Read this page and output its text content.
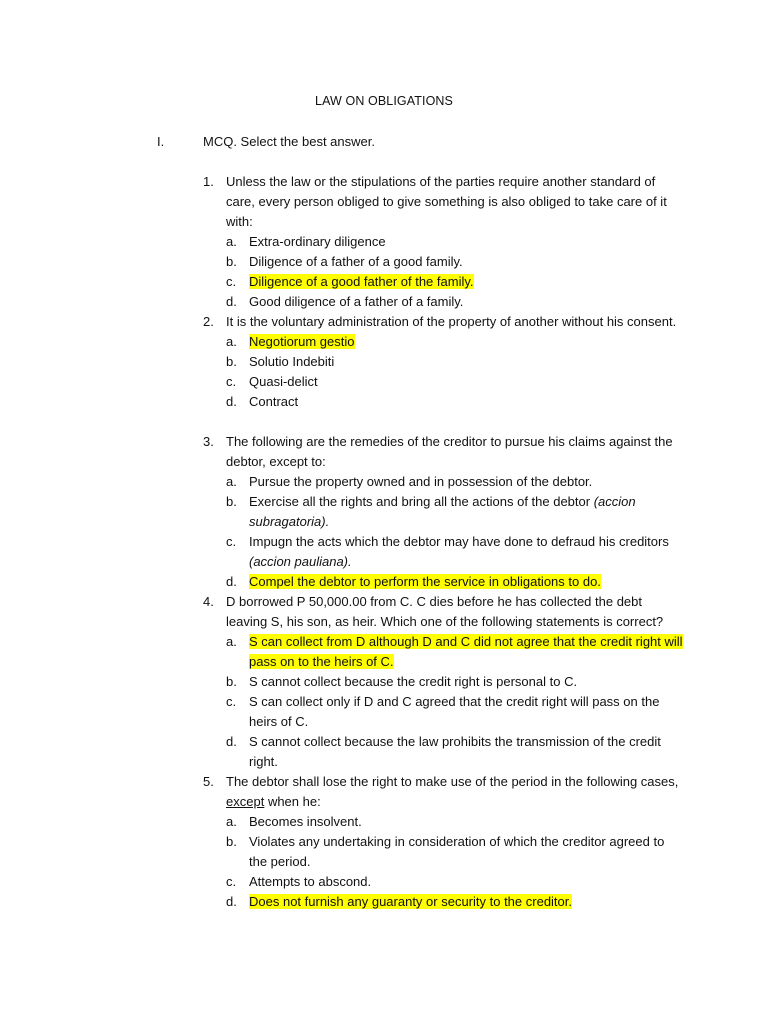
LAW ON OBLIGATIONS
I.	MCQ. Select the best answer.
1. Unless the law or the stipulations of the parties require another standard of care, every person obliged to give something is also obliged to take care of it with:
a. Extra-ordinary diligence
b. Diligence of a father of a good family.
c. Diligence of a good father of the family.
d. Good diligence of a father of a family.
2. It is the voluntary administration of the property of another without his consent.
a. Negotiorum gestio
b. Solutio Indebiti
c. Quasi-delict
d. Contract
3. The following are the remedies of the creditor to pursue his claims against the debtor, except to:
a. Pursue the property owned and in possession of the debtor.
b. Exercise all the rights and bring all the actions of the debtor (accion subragatoria).
c. Impugn the acts which the debtor may have done to defraud his creditors (accion pauliana).
d. Compel the debtor to perform the service in obligations to do.
4. D borrowed P 50,000.00 from C. C dies before he has collected the debt leaving S, his son, as heir. Which one of the following statements is correct?
a. S can collect from D although D and C did not agree that the credit right will pass on to the heirs of C.
b. S cannot collect because the credit right is personal to C.
c. S can collect only if D and C agreed that the credit right will pass on the heirs of C.
d. S cannot collect because the law prohibits the transmission of the credit right.
5. The debtor shall lose the right to make use of the period in the following cases, except when he:
a. Becomes insolvent.
b. Violates any undertaking in consideration of which the creditor agreed to the period.
c. Attempts to abscond.
d. Does not furnish any guaranty or security to the creditor.
